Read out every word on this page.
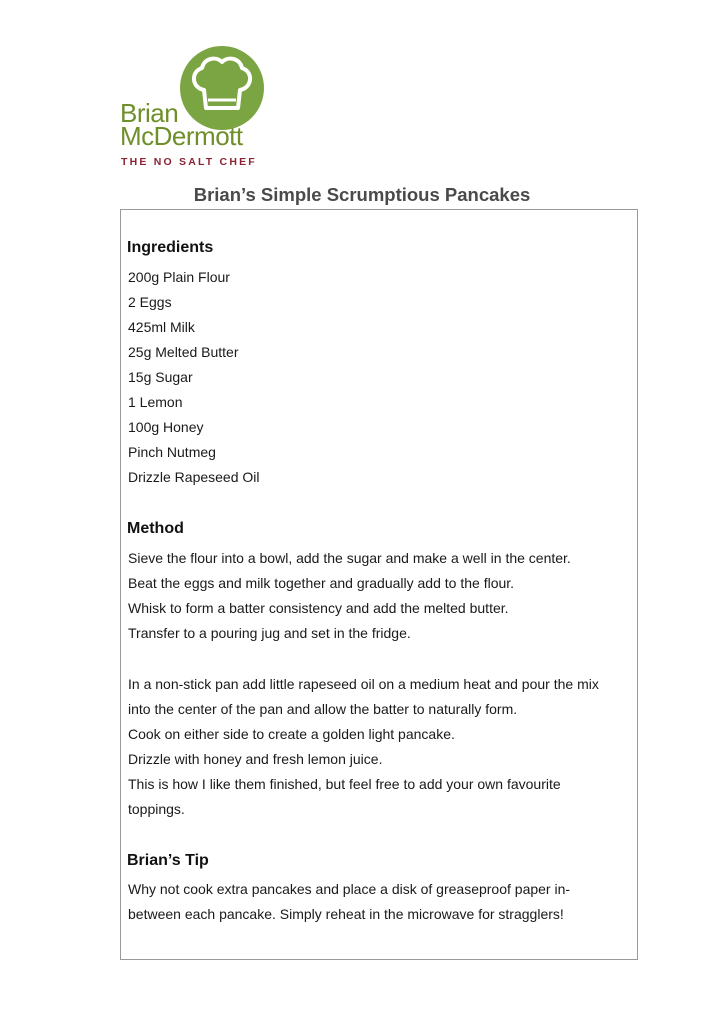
Brian
McDermott
THE NO SALT CHEF
Brian’s Simple Scrumptious Pancakes
Ingredients
200g Plain Flour
2 Eggs
425ml Milk
25g Melted Butter
15g Sugar
1 Lemon
100g Honey
Pinch Nutmeg
Drizzle Rapeseed Oil
Method
Sieve the flour into a bowl, add the sugar and make a well in the center.
Beat the eggs and milk together and gradually add to the flour.
Whisk to form a batter consistency and add the melted butter.
Transfer to a pouring jug and set in the fridge.
In a non-stick pan add little rapeseed oil on a medium heat and pour the mix
into the center of the pan and allow the batter to naturally form.
Cook on either side to create a golden light pancake.
Drizzle with honey and fresh lemon juice.
This is how I like them finished, but feel free to add your own favourite
toppings.
Brian’s Tip
Why not cook extra pancakes and place a disk of greaseproof paper in-
between each pancake. Simply reheat in the microwave for stragglers!
